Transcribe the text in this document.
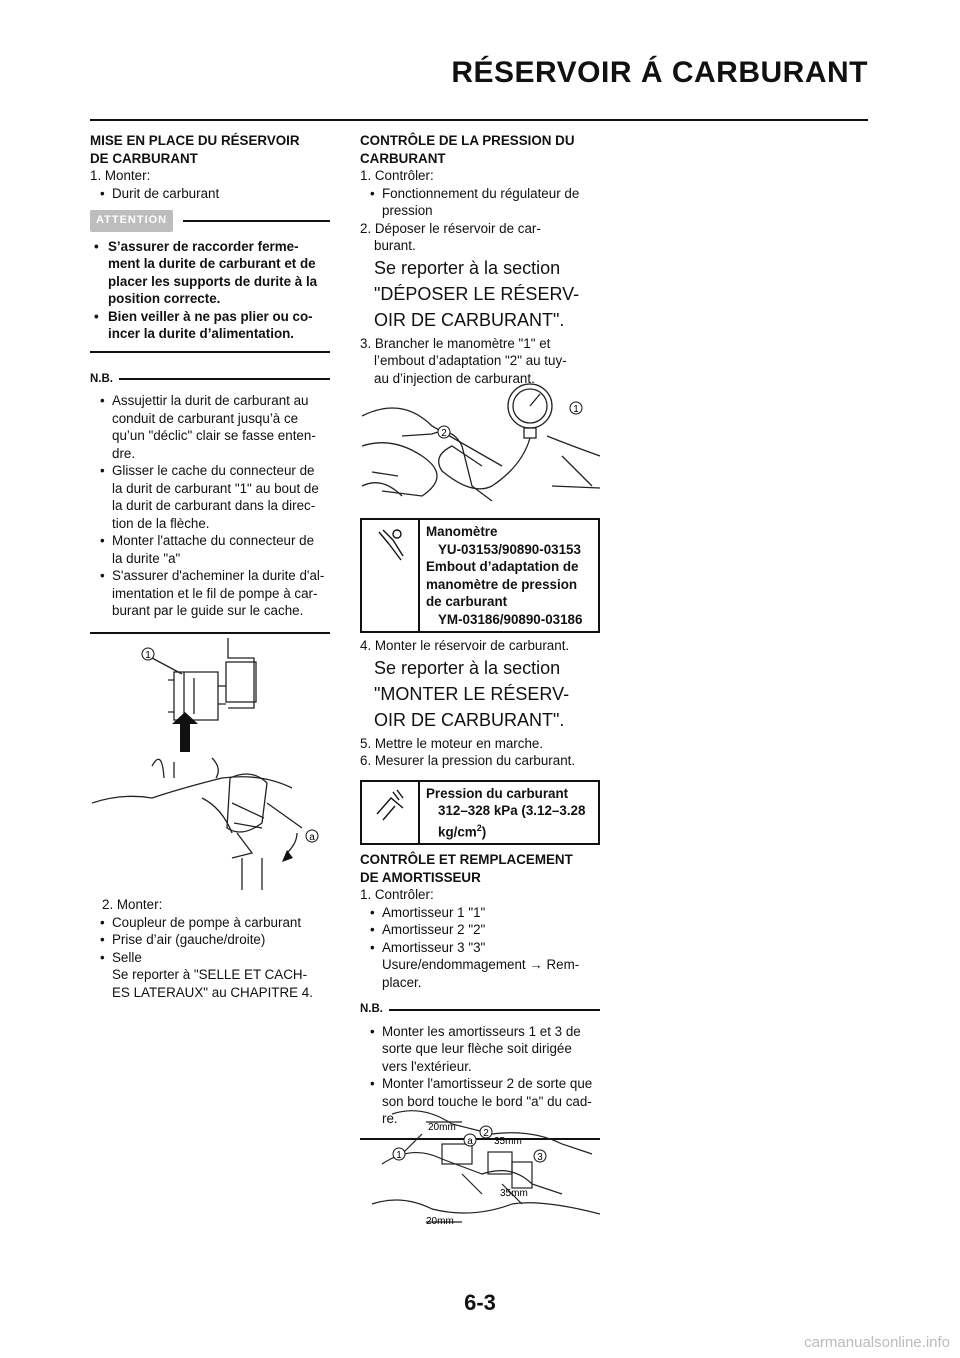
RÉSERVOIR Á CARBURANT

MISE EN PLACE DU RÉSERVOIR

DE CARBURANT

1. Monter:

• Durit de carburant

ATTENTION

• S’assurer de raccorder ferme-

ment la durite de carburant et de

placer les supports de durite à la

position correcte.

• Bien veiller à ne pas plier ou co-

incer la durite d’alimentation.

N.B.

• Assujettir la durit de carburant au

conduit de carburant jusqu’à ce

qu’un "déclic" clair se fasse enten-

dre.

• Glisser le cache du connecteur de

la durit de carburant "1" au bout de

la durit de carburant dans la direc-

tion de la flèche.

• Monter l'attache du connecteur de

la durite "a"

• S'assurer d'acheminer la durite d'al-

imentation et le fil de pompe à car-

burant par le guide sur le cache.

1
a

2. Monter:

• Coupleur de pompe à carburant

• Prise d’air (gauche/droite)

• Selle

Se reporter à "SELLE ET CACH-

ES LATERAUX" au CHAPITRE 4.

CONTRÔLE DE LA PRESSION DU

CARBURANT

1. Contrôler:

• Fonctionnement du régulateur de

pression

2. Déposer le réservoir de car-

burant.

Se reporter à la section

"DÉPOSER LE RÉSERV-

OIR DE CARBURANT".

3. Brancher le manomètre "1" et

l’embout d’adaptation "2" au tuy-

au d’injection de carburant.

1
2
Manomètre
YU-03153/90890-03153
Embout d’adaptation de
manomètre de pression
de carburant
YM-03186/90890-03186

4. Monter le réservoir de carburant.

Se reporter à la section

"MONTER LE RÉSERV-

OIR DE CARBURANT".

5. Mettre le moteur en marche.

6. Mesurer la pression du carburant.

Pression du carburant
312–328 kPa (3.12–3.28
$kg/cm^2$)

CONTRÔLE ET REMPLACEMENT

DE AMORTISSEUR

1. Contrôler:

• Amortisseur 1 "1"

• Amortisseur 2 "2"

• Amortisseur 3 "3"

Usure/endommagement → Rem-

placer.

N.B.

• Monter les amortisseurs 1 et 3 de

sorte que leur flèche soit dirigée

vers l'extérieur.

• Monter l'amortisseur 2 de sorte que

son bord touche le bord "a" du cad-

re.

20mm
35mm
35mm
20mm
1
2
3
a
6-3
carmanualsonline.info
